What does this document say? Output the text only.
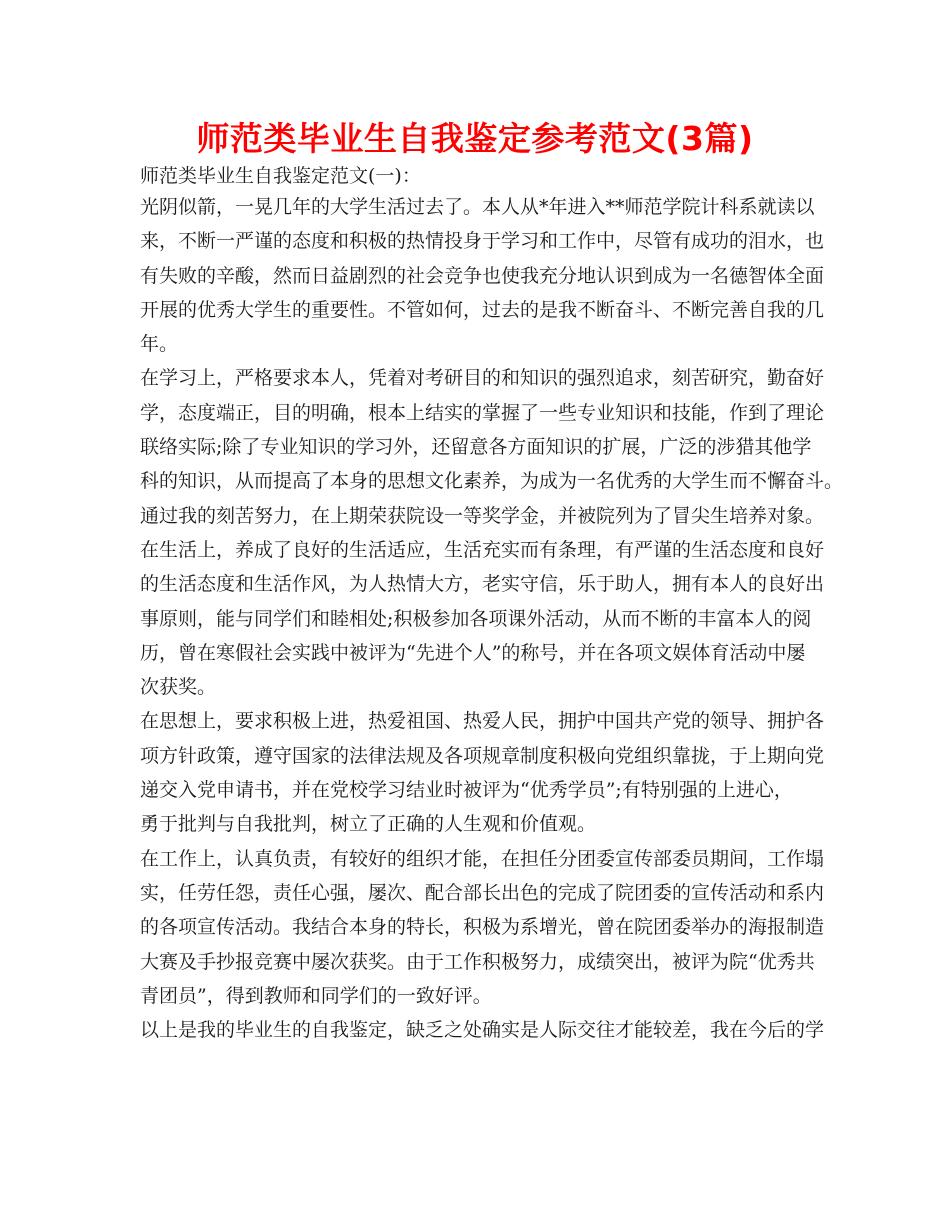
师范类毕业生自我鉴定参考范文(3篇)
师范类毕业生自我鉴定范文(一)：
光阴似箭，一晃几年的大学生活过去了。本人从*年进入**师范学院计科系就读以
来，不断一严谨的态度和积极的热情投身于学习和工作中，尽管有成功的泪水，也
有失败的辛酸，然而日益剧烈的社会竞争也使我充分地认识到成为一名德智体全面
开展的优秀大学生的重要性。不管如何，过去的是我不断奋斗、不断完善自我的几
年。
在学习上，严格要求本人，凭着对考研目的和知识的强烈追求，刻苦研究，勤奋好
学，态度端正，目的明确，根本上结实的掌握了一些专业知识和技能，作到了理论
联络实际;除了专业知识的学习外，还留意各方面知识的扩展，广泛的涉猎其他学
科的知识，从而提高了本身的思想文化素养，为成为一名优秀的大学生而不懈奋斗。
通过我的刻苦努力，在上期荣获院设一等奖学金，并被院列为了冒尖生培养对象。
在生活上，养成了良好的生活适应，生活充实而有条理，有严谨的生活态度和良好
的生活态度和生活作风，为人热情大方，老实守信，乐于助人，拥有本人的良好出
事原则，能与同学们和睦相处;积极参加各项课外活动，从而不断的丰富本人的阅
历，曾在寒假社会实践中被评为“先进个人”的称号，并在各项文娱体育活动中屡
次获奖。
在思想上，要求积极上进，热爱祖国、热爱人民，拥护中国共产党的领导、拥护各
项方针政策，遵守国家的法律法规及各项规章制度积极向党组织靠拢，于上期向党
递交入党申请书，并在党校学习结业时被评为“优秀学员”;有特别强的上进心，
勇于批判与自我批判，树立了正确的人生观和价值观。
在工作上，认真负责，有较好的组织才能，在担任分团委宣传部委员期间，工作塌
实，任劳任怨，责任心强，屡次、配合部长出色的完成了院团委的宣传活动和系内
的各项宣传活动。我结合本身的特长，积极为系增光，曾在院团委举办的海报制造
大赛及手抄报竞赛中屡次获奖。由于工作积极努力，成绩突出，被评为院“优秀共
青团员”，得到教师和同学们的一致好评。
以上是我的毕业生的自我鉴定，缺乏之处确实是人际交往才能较差，我在今后的学
